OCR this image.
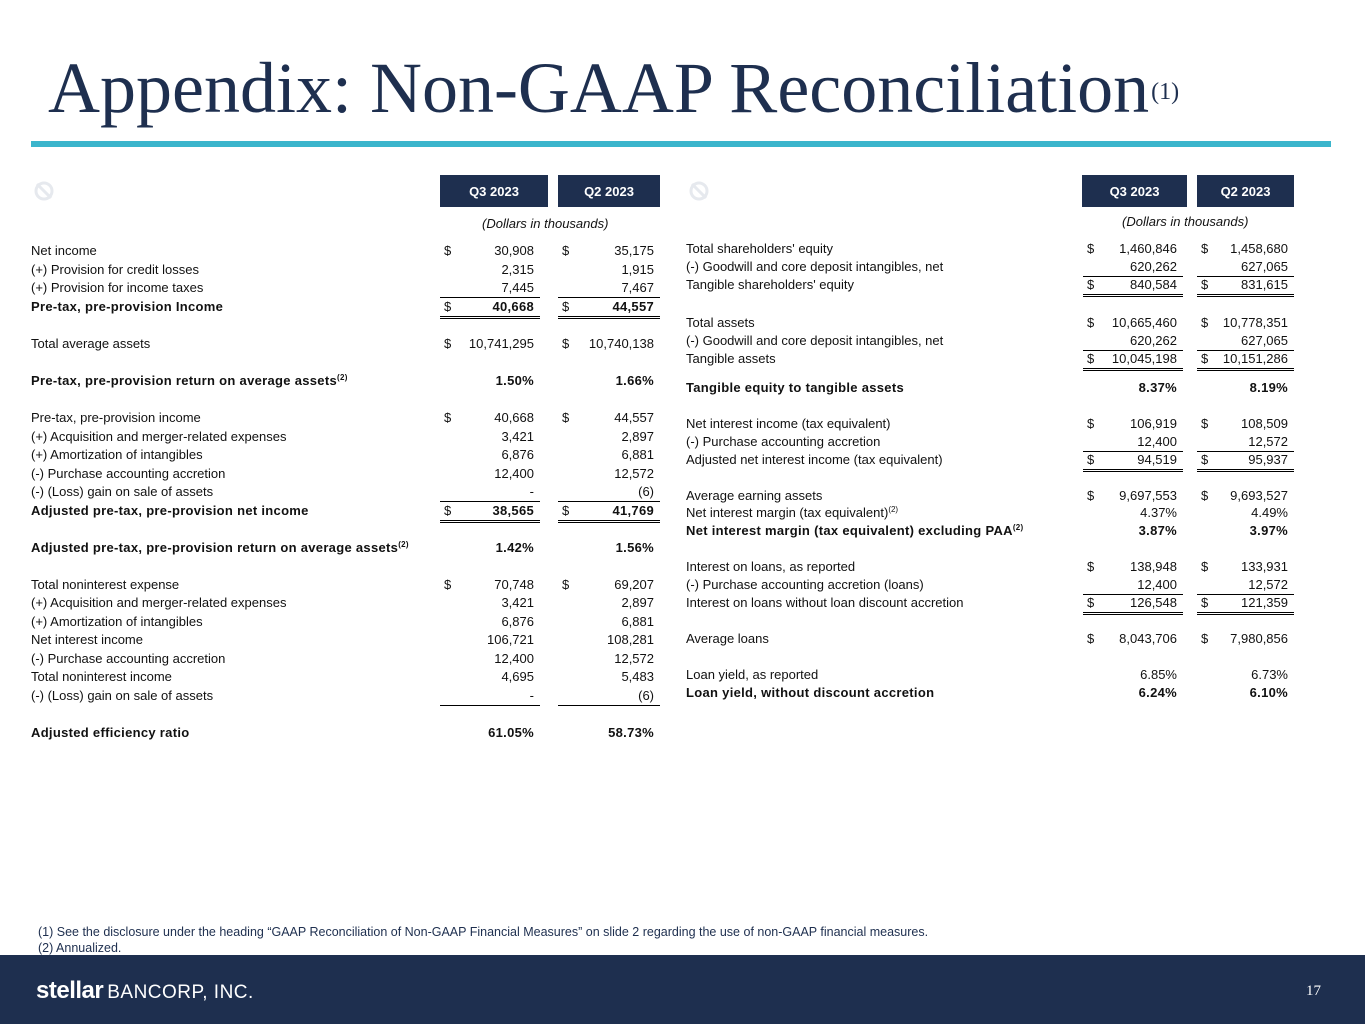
Appendix: Non-GAAP Reconciliation$^{(1)}$
Q3 2023	Q2 2023
(Dollars in thousands)
Q3 2023	Q2 2023
(Dollars in thousands)
Net income	$	30,908 $	35,175
(+) Provision for credit losses	2,315	1,915
(+) Provision for income taxes	7,445	7,467
Pre-tax, pre-provision Income	$	40,668 $	44,557
Total average assets	$ 10,741,295 $ 10,740,138
Pre-tax, pre-provision return on average assets$^{(2)}$	1.50%	1.66%
Pre-tax, pre-provision income	$	40,668 $	44,557
(+) Acquisition and merger-related expenses	3,421	2,897
(+) Amortization of intangibles	6,876	6,881
(-) Purchase accounting accretion	12,400	12,572
(-) (Loss) gain on sale of assets	-	(6)
Adjusted pre-tax, pre-provision net income	$	38,565 $	41,769
Adjusted pre-tax, pre-provision return on average assets$^{(2)}$	1.42%	1.56%
Total noninterest expense	$	70,748 $	69,207
(+) Acquisition and merger-related expenses	3,421	2,897
(+) Amortization of intangibles	6,876	6,881
Net interest income	106,721	108,281
(-) Purchase accounting accretion	12,400	12,572
Total noninterest income	4,695	5,483
(-) (Loss) gain on sale of assets	-	(6)
Adjusted efficiency ratio	61.05%	58.73%
Total shareholders' equity	$ 1,460,846 $ 1,458,680
(-) Goodwill and core deposit intangibles, net	620,262	627,065
Tangible shareholders' equity	$	840,584 $	831,615
Total assets	$ 10,665,460 $ 10,778,351
(-) Goodwill and core deposit intangibles, net	620,262	627,065
Tangible assets	$ 10,045,198 $ 10,151,286
Tangible equity to tangible assets	8.37%	8.19%
Net interest income (tax equivalent)	$	106,919 $	108,509
(-) Purchase accounting accretion	12,400	12,572
Adjusted net interest income (tax equivalent)	$	94,519 $	95,937
Average earning assets	$ 9,697,553 $ 9,693,527
Net interest margin (tax equivalent)$^{(2)}$	4.37%	4.49%
Net interest margin (tax equivalent) excluding PAA$^{(2)}$	3.87%	3.97%
Interest on loans, as reported	$	138,948 $	133,931
(-) Purchase accounting accretion (loans)	12,400	12,572
Interest on loans without loan discount accretion	$	126,548 $	121,359
Average loans	$ 8,043,706 $ 7,980,856
Loan yield, as reported	6.85%	6.73%
Loan yield, without discount accretion	6.24%	6.10%
(1) See the disclosure under the heading “GAAP Reconciliation of Non-GAAP Financial Measures” on slide 2 regarding the use of non-GAAP financial measures.
(2) Annualized.
stellar BANCORP, INC.	17
